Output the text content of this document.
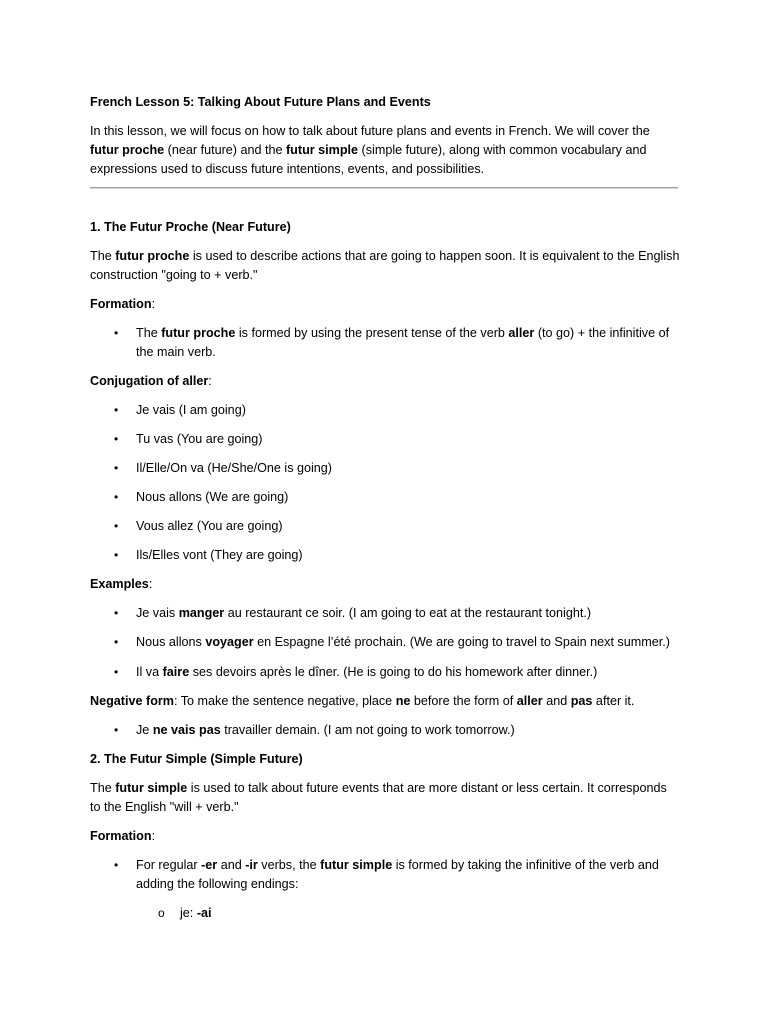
French Lesson 5: Talking About Future Plans and Events
In this lesson, we will focus on how to talk about future plans and events in French. We will cover the
futur proche (near future) and the futur simple (simple future), along with common vocabulary and
expressions used to discuss future intentions, events, and possibilities.
1. The Futur Proche (Near Future)
The futur proche is used to describe actions that are going to happen soon. It is equivalent to the English
construction "going to + verb."
Formation:
• The futur proche is formed by using the present tense of the verb aller (to go) + the infinitive of
the main verb.
Conjugation of aller:
• Je vais (I am going)
• Tu vas (You are going)
• Il/Elle/On va (He/She/One is going)
• Nous allons (We are going)
• Vous allez (You are going)
• Ils/Elles vont (They are going)
Examples:
• Je vais manger au restaurant ce soir. (I am going to eat at the restaurant tonight.)
• Nous allons voyager en Espagne l’été prochain. (We are going to travel to Spain next summer.)
• Il va faire ses devoirs après le dîner. (He is going to do his homework after dinner.)
Negative form: To make the sentence negative, place ne before the form of aller and pas after it.
• Je ne vais pas travailler demain. (I am not going to work tomorrow.)
2. The Futur Simple (Simple Future)
The futur simple is used to talk about future events that are more distant or less certain. It corresponds
to the English "will + verb."
Formation:
• For regular -er and -ir verbs, the futur simple is formed by taking the infinitive of the verb and
adding the following endings:
o je: -ai
